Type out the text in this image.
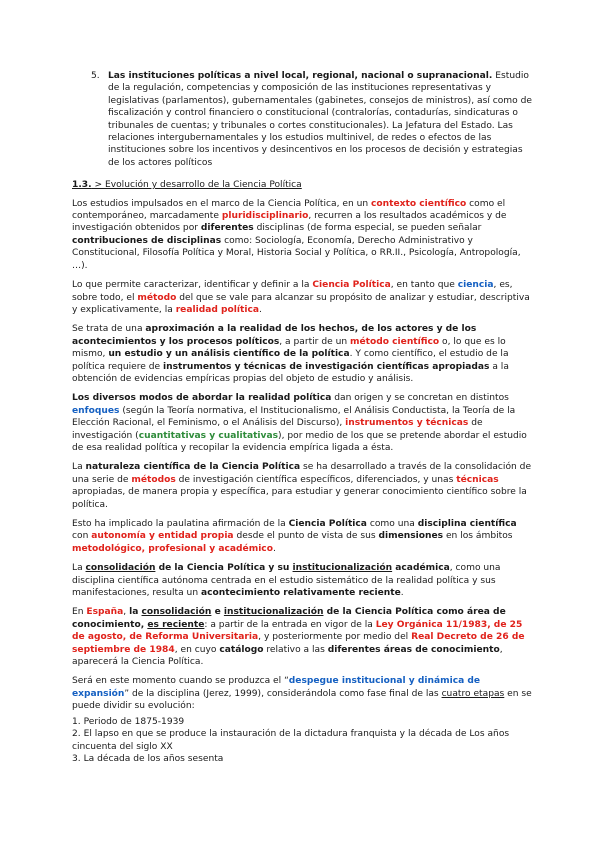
5. Las instituciones políticas a nivel local, regional, nacional o supranacional. Estudio de la regulación, competencias y composición de las instituciones representativas y legislativas (parlamentos), gubernamentales (gabinetes, consejos de ministros), así como de fiscalización y control financiero o constitucional (contralorías, contadurías, sindicaturas o tribunales de cuentas; y tribunales o cortes constitucionales). La Jefatura del Estado. Las relaciones intergubernamentales y los estudios multinivel, de redes o efectos de las instituciones sobre los incentivos y desincentivos en los procesos de decisión y estrategias de los actores políticos
1.3. > Evolución y desarrollo de la Ciencia Política

Los estudios impulsados en el marco de la Ciencia Política, en un contexto científico como el contemporáneo, marcadamente pluridisciplinario, recurren a los resultados académicos y de investigación obtenidos por diferentes disciplinas (de forma especial, se pueden señalar contribuciones de disciplinas como: Sociología, Economía, Derecho Administrativo y Constitucional, Filosofía Política y Moral, Historia Social y Política, o RR.II., Psicología, Antropología, …).

Lo que permite caracterizar, identificar y definir a la Ciencia Política, en tanto que ciencia, es, sobre todo, el método del que se vale para alcanzar su propósito de analizar y estudiar, descriptiva y explicativamente, la realidad política.

Se trata de una aproximación a la realidad de los hechos, de los actores y de los acontecimientos y los procesos políticos, a partir de un método científico o, lo que es lo mismo, un estudio y un análisis científico de la política. Y como científico, el estudio de la política requiere de instrumentos y técnicas de investigación científicas apropiadas a la obtención de evidencias empíricas propias del objeto de estudio y análisis.

Los diversos modos de abordar la realidad política dan origen y se concretan en distintos enfoques (según la Teoría normativa, el Institucionalismo, el Análisis Conductista, la Teoría de la Elección Racional, el Feminismo, o el Análisis del Discurso), instrumentos y técnicas de investigación (cuantitativas y cualitativas), por medio de los que se pretende abordar el estudio de esa realidad política y recopilar la evidencia empírica ligada a ésta.

La naturaleza científica de la Ciencia Política se ha desarrollado a través de la consolidación de una serie de métodos de investigación científica específicos, diferenciados, y unas técnicas apropiadas, de manera propia y específica, para estudiar y generar conocimiento científico sobre la política.

Esto ha implicado la paulatina afirmación de la Ciencia Política como una disciplina científica con autonomía y entidad propia desde el punto de vista de sus dimensiones en los ámbitos metodológico, profesional y académico.

La consolidación de la Ciencia Política y su institucionalización académica, como una disciplina científica autónoma centrada en el estudio sistemático de la realidad política y sus manifestaciones, resulta un acontecimiento relativamente reciente.

En España, la consolidación e institucionalización de la Ciencia Política como área de conocimiento, es reciente: a partir de la entrada en vigor de la Ley Orgánica 11/1983, de 25 de agosto, de Reforma Universitaria, y posteriormente por medio del Real Decreto de 26 de septiembre de 1984, en cuyo catálogo relativo a las diferentes áreas de conocimiento, aparecerá la Ciencia Política.

Será en este momento cuando se produzca el “despegue institucional y dinámica de expansión” de la disciplina (Jerez, 1999), considerándola como fase final de las cuatro etapas en se puede dividir su evolución:

1. Periodo de 1875-1939
2. El lapso en que se produce la instauración de la dictadura franquista y la década de Los años cincuenta del siglo XX
3. La década de los años sesenta
